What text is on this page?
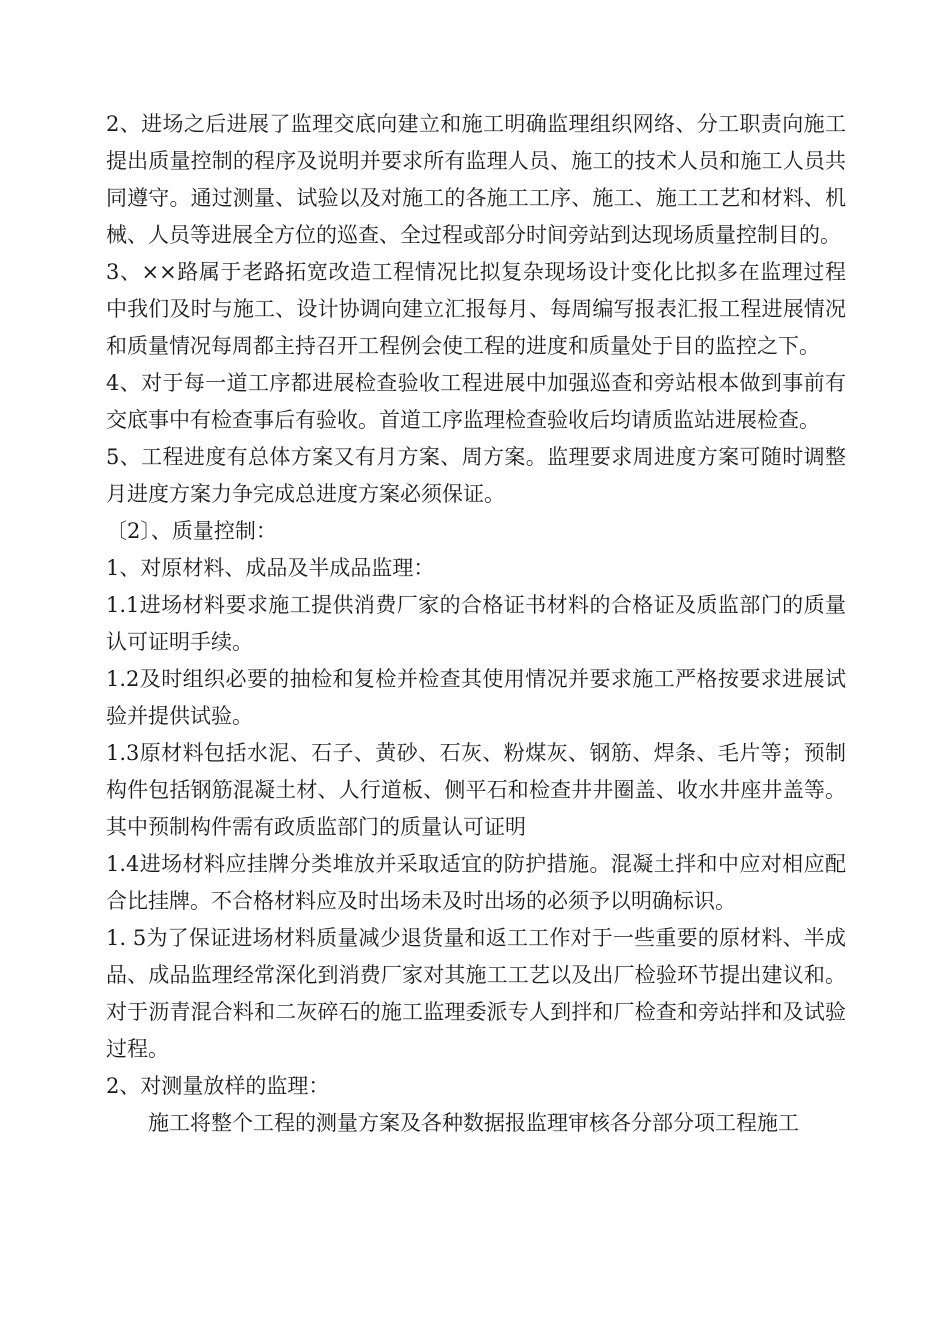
2、进场之后进展了监理交底向建立和施工明确监理组织网络、分工职责向施工提出质量控制的程序及说明并要求所有监理人员、施工的技术人员和施工人员共同遵守。通过测量、试验以及对施工的各施工工序、施工、施工工艺和材料、机械、人员等进展全方位的巡查、全过程或部分时间旁站到达现场质量控制目的。

3、××路属于老路拓宽改造工程情况比拟复杂现场设计变化比拟多在监理过程中我们及时与施工、设计协调向建立汇报每月、每周编写报表汇报工程进展情况和质量情况每周都主持召开工程例会使工程的进度和质量处于目的监控之下。

4、对于每一道工序都进展检查验收工程进展中加强巡查和旁站根本做到事前有交底事中有检查事后有验收。首道工序监理检查验收后均请质监站进展检查。

5、工程进度有总体方案又有月方案、周方案。监理要求周进度方案可随时调整月进度方案力争完成总进度方案必须保证。

〔2〕、质量控制：

1、对原材料、成品及半成品监理：

1.1进场材料要求施工提供消费厂家的合格证书材料的合格证及质监部门的质量认可证明手续。

1.2及时组织必要的抽检和复检并检查其使用情况并要求施工严格按要求进展试验并提供试验。

1.3原材料包括水泥、石子、黄砂、石灰、粉煤灰、钢筋、焊条、毛片等；预制构件包括钢筋混凝土材、人行道板、侧平石和检查井井圈盖、收水井座井盖等。其中预制构件需有政质监部门的质量认可证明

1.4进场材料应挂牌分类堆放并采取适宜的防护措施。混凝土拌和中应对相应配合比挂牌。不合格材料应及时出场未及时出场的必须予以明确标识。

1. 5为了保证进场材料质量减少退货量和返工工作对于一些重要的原材料、半成品、成品监理经常深化到消费厂家对其施工工艺以及出厂检验环节提出建议和。对于沥青混合料和二灰碎石的施工监理委派专人到拌和厂检查和旁站拌和及试验过程。

2、对测量放样的监理：

施工将整个工程的测量方案及各种数据报监理审核各分部分项工程施工
